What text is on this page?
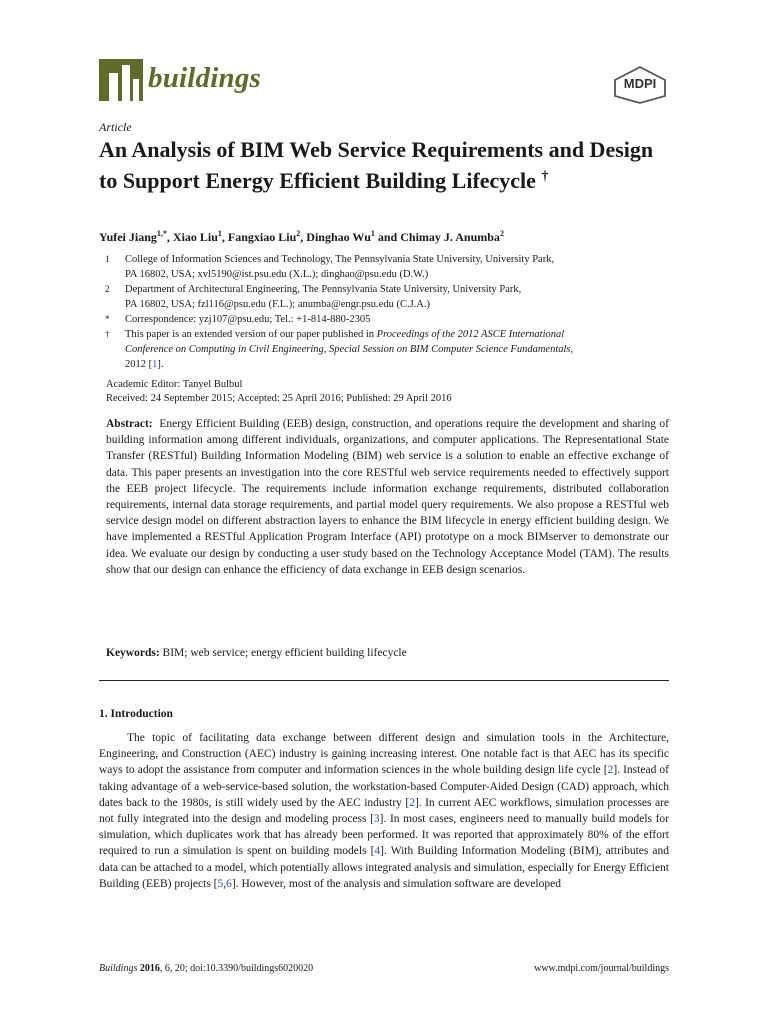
buildings	MDPI
Article
An Analysis of BIM Web Service Requirements and Design to Support Energy Efficient Building Lifecycle †
Yufei Jiang$^{1,*}$, Xiao Liu$^1$, Fangxiao Liu$^2$, Dinghao Wu$^1$ and Chimay J. Anumba$^2$
1 College of Information Sciences and Technology, The Pennsylvania State University, University Park,
PA 16802, USA; xvl5190@ist.psu.edu (X.L.); dinghao@psu.edu (D.W.)
2 Department of Architectural Engineering, The Pennsylvania State University, University Park,
PA 16802, USA; fzl116@psu.edu (F.L.); anumba@engr.psu.edu (C.J.A.)
* Correspondence: yzj107@psu.edu; Tel.: +1-814-880-2305
† This paper is an extended version of our paper published in Proceedings of the 2012 ASCE International
Conference on Computing in Civil Engineering, Special Session on BIM Computer Science Fundamentals,
2012 [1].
Academic Editor: Tanyel Bulbul
Received: 24 September 2015; Accepted: 25 April 2016; Published: 29 April 2016
Abstract: Energy Efficient Building (EEB) design, construction, and operations require the development and sharing of building information among different individuals, organizations, and computer applications. The Representational State Transfer (RESTful) Building Information Modeling (BIM) web service is a solution to enable an effective exchange of data. This paper presents an investigation into the core RESTful web service requirements needed to effectively support the EEB project lifecycle. The requirements include information exchange requirements, distributed collaboration requirements, internal data storage requirements, and partial model query requirements. We also propose a RESTful web service design model on different abstraction layers to enhance the BIM lifecycle in energy efficient building design. We have implemented a RESTful Application Program Interface (API) prototype on a mock BIMserver to demonstrate our idea. We evaluate our design by conducting a user study based on the Technology Acceptance Model (TAM). The results show that our design can enhance the efficiency of data exchange in EEB design scenarios.
Keywords: BIM; web service; energy efficient building lifecycle
1. Introduction
The topic of facilitating data exchange between different design and simulation tools in the Architecture, Engineering, and Construction (AEC) industry is gaining increasing interest. One notable fact is that AEC has its specific ways to adopt the assistance from computer and information sciences in the whole building design life cycle [2]. Instead of taking advantage of a web-service-based solution, the workstation-based Computer-Aided Design (CAD) approach, which dates back to the 1980s, is still widely used by the AEC industry [2]. In current AEC workflows, simulation processes are not fully integrated into the design and modeling process [3]. In most cases, engineers need to manually build models for simulation, which duplicates work that has already been performed. It was reported that approximately 80% of the effort required to run a simulation is spent on building models [4]. With Building Information Modeling (BIM), attributes and data can be attached to a model, which potentially allows integrated analysis and simulation, especially for Energy Efficient Building (EEB) projects [5,6]. However, most of the analysis and simulation software are developed
Buildings 2016, 6, 20; doi:10.3390/buildings6020020	www.mdpi.com/journal/buildings
